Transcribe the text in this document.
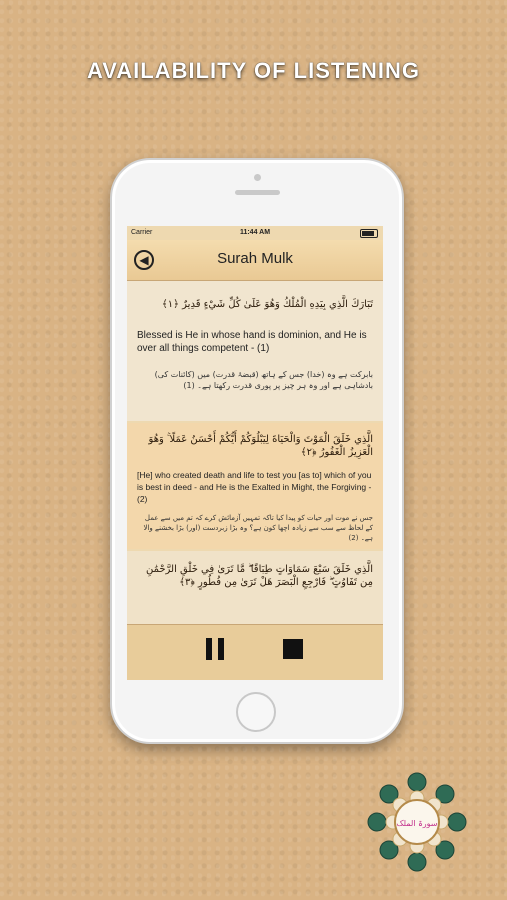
AVAILABILITY OF LISTENING
Carrier	11:44 AM
◀	Surah Mulk
تَبَارَكَ الَّذِي بِيَدِهِ الْمُلْكُ وَهُوَ عَلَىٰ كُلِّ شَيْءٍ قَدِيرٌ ﴿١﴾
Blessed is He in whose hand is dominion, and He is over all things competent - (1)
بابرکت ہے وہ (خدا) جس کے ہاتھ (قبضۂ قدرت) میں (کائنات کی) بادشاہی ہے اور وہ ہر چیز پر پوری قدرت رکھتا ہے۔ (1)
الَّذِي خَلَقَ الْمَوْتَ وَالْحَيَاةَ لِيَبْلُوَكُمْ أَيُّكُمْ أَحْسَنُ عَمَلًا ۚ وَهُوَ الْعَزِيزُ الْغَفُورُ ﴿٢﴾
[He] who created death and life to test you [as to] which of you is best in deed - and He is the Exalted in Might, the Forgiving - (2)
جس نے موت اور حیات کو پیدا کیا تاکہ تمہیں آزمائش کرے کہ تم میں سے عمل کے لحاظ سے سب سے زیادہ اچھا کون ہے؟ وہ بڑا زبردست (اور) بڑا بخشنے والا ہے۔ (2)
الَّذِي خَلَقَ سَبْعَ سَمَاوَاتٍ طِبَاقًا ۖ مَّا تَرَىٰ فِي خَلْقِ الرَّحْمَٰنِ مِن تَفَاوُتٍ ۖ فَارْجِعِ الْبَصَرَ هَلْ تَرَىٰ مِن فُطُورٍ ﴿٣﴾
سورۃ الملک
